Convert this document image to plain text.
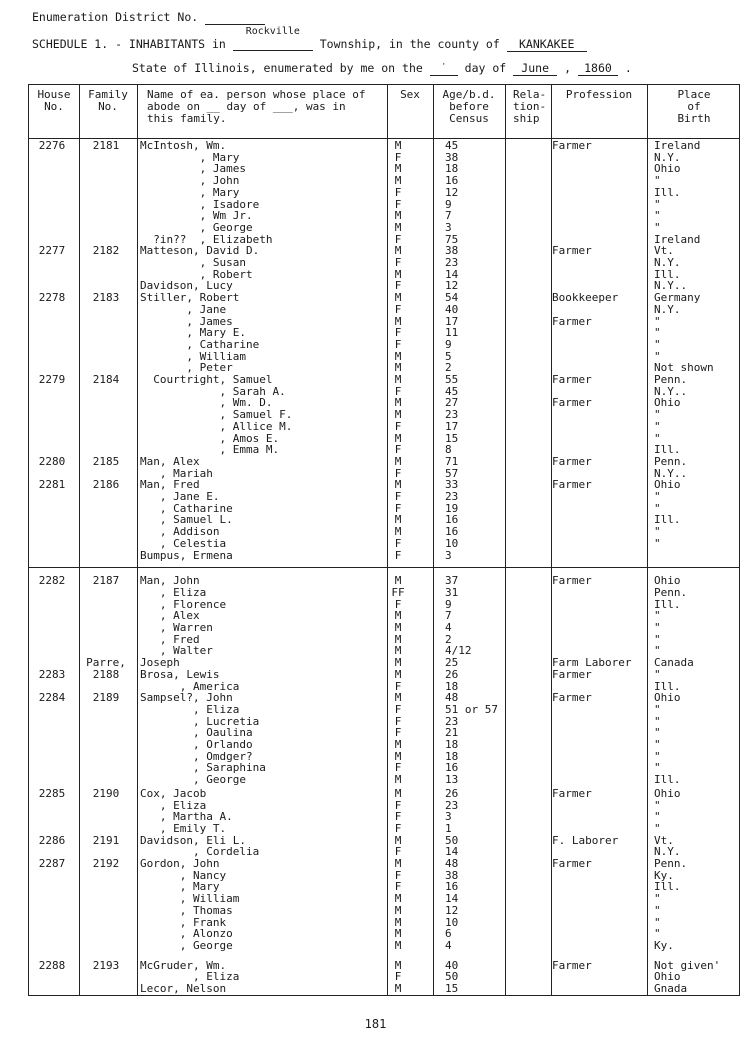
Enumeration District No.
SCHEDULE 1. - INHABITANTS in
Rockville
Township, in the county of KANKAKEE
State of Illinois, enumerated by me on the ˙ day of June , 1860 .
House
No.
Family
No.
Name of ea. person whose place of
abode on __ day of ___, was in
this family.
Sex	Age/b.d.
before
Census
Rela-
tion-
ship
Profession	Place
of
Birth
2276	2181	McIntosh, Wm.	M	45	Farmer	Ireland
, Mary	F	38	N.Y.
, James	M	18	Ohio
, John	M	16	"
, Mary	F	12	Ill.
, Isadore	F	9	"
, Wm Jr.	M	7	"
, George	M	3	"
?in??  , Elizabeth	F	75	Ireland
2277	2182	Matteson, David D.	M	38	Farmer	Vt.
, Susan	F	23	N.Y.
, Robert	M	14	Ill.
Davidson, Lucy	F	12	N.Y..
2278	2183	Stiller, Robert	M	54	Bookkeeper	Germany
, Jane	F	40	N.Y.
, James	M	17	Farmer	"
, Mary E.	F	11	"
, Catharine	F	9	"
, William	M	5	"
, Peter	M	2	Not shown
2279	2184	Courtright, Samuel	M	55	Farmer	Penn.
, Sarah A.	F	45	N.Y..
, Wm. D.	M	27	Farmer	Ohio
, Samuel F.	M	23	"
, Allice M.	F	17	"
, Amos E.	M	15	"
, Emma M.	F	8	Ill.
2280	2185	Man, Alex	M	71	Farmer	Penn.
, Mariah	F	57	N.Y..
2281	2186	Man, Fred	M	33	Farmer	Ohio
, Jane E.	F	23	"
, Catharine	F	19	"
, Samuel L.	M	16	Ill.
, Addison	M	16	"
, Celestia	F	10	"
Bumpus, Ermena	F	3
2282	2187	Man, John	M	37	Farmer	Ohio
, Eliza	FF	31	Penn.
, Florence	F	9	Ill.
, Alex	M	7	"
, Warren	M	4	"
, Fred	M	2	"
, Walter	M	4/12	"
Parre,	Joseph	M	25	Farm Laborer Canada
2283	2188	Brosa, Lewis	M	26	Farmer	"
, America	F	18	Ill.
2284	2189	Sampsel?, John	M	48	Farmer	Ohio
, Eliza	F	51 or 57	"
, Lucretia	F	23	"
, Oaulina	F	21	"
, Orlando	M	18	"
, Omdger?	M	18	"
, Saraphina	F	16	"
, George	M	13	Ill.
2285	2190	Cox, Jacob	M	26	Farmer	Ohio
, Eliza	F	23	"
, Martha A.	F	3	"
, Emily T.	F	1	"
2286	2191	Davidson, Eli L.	M	50	F. Laborer	Vt.
, Cordelia	F	14	N.Y.
2287	2192	Gordon, John	M	48	Farmer	Penn.
, Nancy	F	38	Ky.
, Mary	F	16	Ill.
, William	M	14	"
, Thomas	M	12	"
, Frank	M	10	"
, Alonzo	M	6	"
, George	M	4	Ky.
2288	2193	McGruder, Wm.	M	40	Farmer	Not given'
, Eliza	F	50	Ohio
Lecor, Nelson	M	15	Gnada
181
